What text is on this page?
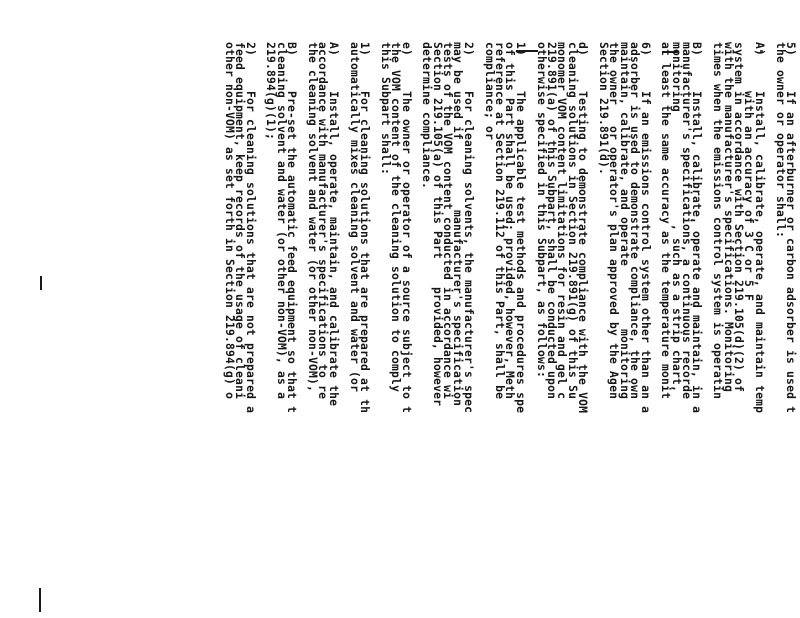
5)     If an afterburner or carbon adsorber is used t
the owner or operator shall:
A)     Install, calibrate, operate, and maintain temp
with an accuracy of 3 C or 5 F
system in accordance with Section 219.105(d)(2) of
with the manufacturer's specifications. Monitoring
times when the emissions control system is operatin
B)     Install, calibrate, operate and maintain, in a
manufacturer's specifications, a continuous recorde
monitoring                , such as a strip chart,
at least the same accuracy as the temperature monit
6)     If an emissions control system other than an a
adsorber is used to demonstrate compliance, the own
maintain, calibrate, and operate         monitoring
the owner   or operator's plan approved by the Agen
Section 219.891(d).
d)     Testing to demonstrate compliance with the VOM
cleaning solutions in Section 219.891(g) of this Su
monomer VOM content limitations for resin and gel c
219.891(a) of this Subpart, shall be conducted upon
otherwise specified in this Subpart, as follows:
1)     The applicable test methods and procedures spe
of this Part shall be used; provided, however, Meth
reference at Section 219.112 of this Part, shall be
compliance; or
2)     For cleaning solvents, the manufacturer's spec
may be used if          manufacturer's specification
tests of the VOM content conducted in accordance wi
Section 219.105(a) of this Part    provided, however
determine compliance.
e)     The owner or operator of a source subject to t
the VOM content of the cleaning solution to comply
this Subpart shall:
1)     For cleaning solutions that are prepared at th
automatically mixes cleaning solvent and water (or
A)     Install, operate, maintain, and calibrate the
accordance with manufacturer's specifications to re
the cleaning solvent and water (or other non-VOM),
B)     Pre-set the automatic feed equipment so that t
cleaning solvent and water (or other non-VOM), as a
219.894(g)(1);
2)     For cleaning solutions that are not prepared a
feed equipment, keep records of the usage of cleani
other non-VOM) as set forth in Section 219.894(g) o
